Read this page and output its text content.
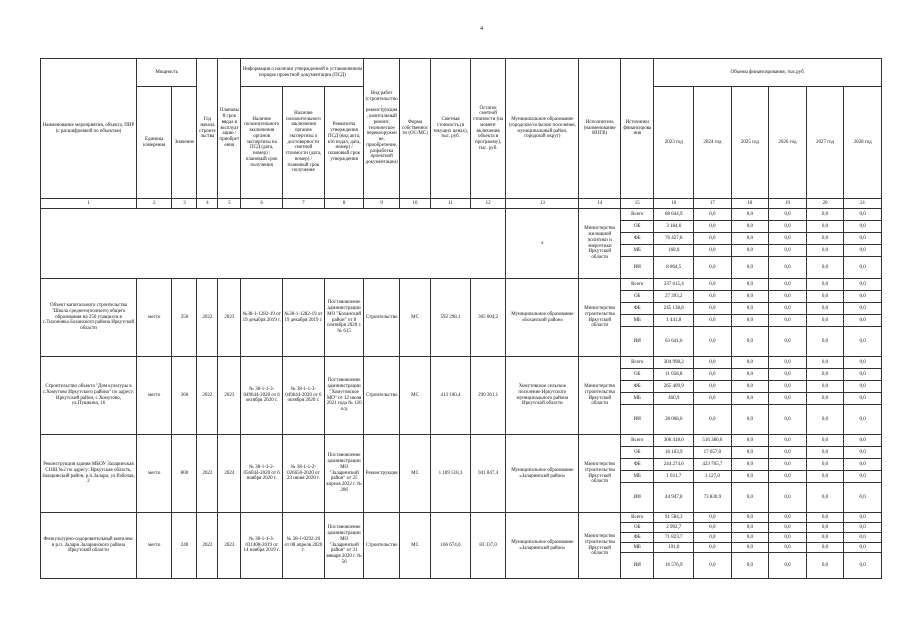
4
Наименование мероприятия, объекта, ПИР (с расшифровкой по объектам)	Мощность		Год начала строительства	Плановый срок ввода в эксплуатацию / приобретения	Информация о наличии утвержденной в установленном порядке проектной документации (ПСД)			Вид работ (строительство, реконструкция, капитальный ремонт, техническое перевооружение, приобретение, разработка проектной документации)	Форма собственности (ОС/МС)	Сметная стоимость (в текущих ценах), тыс. руб.	Остаток сметной стоимости (на момент включения объекта в программу), тыс. руб.	Муниципальное образование (городское/сельское поселение, муниципальный район, городской округ)	Исполнитель (наименование ИОГВ)	Источники финансирования	Объемы финансирования, тыс.руб.					
	Единица измерения	Значение			Наличие положительного заключения органов экспертизы на ПСД (дата, номер) / плановый срок получения	Наличие положительного заключения органов экспертизы о достоверности сметной стоимости (дата, номер) / плановый срок получения	Реквизиты утверждения ПСД (вид акта, кто издал, дата, номер) / плановый срок утверждения								2023 год	2024 год	2025 год	2026 год	2027 год	2028 год

1	2	3	4	5	6	7	8	9	10	11	12	13	14	15	16	17	18	19	20	21
												х	Министерство жилищной политики и энергетики Иркутской области	Всего	88 644,9	0,0	0,0	0,0	0,0	0,0
														ОБ	3 184,6	0,0	0,0	0,0	0,0	0,0
														ФБ	76 427,8	0,0	0,0	0,0	0,0	0,0
														МБ	168,0	0,0	0,0	0,0	0,0	0,0
														ИИ	8 864,5	0,0	0,0	0,0	0,0	0,0
Объект капитального строительства "Школа среднего(полного) общего образования на 250 учащихся в с.Тихоновка Боханского района Иркутской области	место	250	2022	2023	№38-1-1282-19 от 19 декабря 2019 г.	№38-1-1282-19 от 19 декабря 2019 г.	Постановление администрации МО "Боханский район" от 8 сентября 2020 г. № 615	Строительство	МС	592 298,1	305 004,2	Муниципальное образование «Боханский район»	Министерство строительства Иркутской области	Всего	337 615,4	0,0	0,0	0,0	0,0	0,0
														ОБ	27 393,2	0,0	0,0	0,0	0,0	0,0
														ФБ	245 138,8	0,0	0,0	0,0	0,0	0,0
														МБ	1 441,8	0,0	0,0	0,0	0,0	0,0
														ИИ	63 641,6	0,0	0,0	0,0	0,0	0,0
Строительство объекта "Дом культуры в с.Хомутово Иркутского района" по адресу: Иркутский район, с.Хомутово, ул.Пушкина, 16	место	360	2022	2023	№ 38-1-1-3-049644-2020 от 6 октября 2020 г.	№ 38-1-1-3-049644-2020 от 6 октября 2020 г.	Постановление администрации "Хомутовское МО" от 12 июля 2021 года № 120 о/д	Строительство	МС	413 100,4	290 361,1	Хомутовское сельское поселение Иркутского муниципального района Иркутской области	Министерство строительства Иркутской области	Всего	304 998,2	0,0	0,0	0,0	0,0	0,0
														ОБ	11 058,8	0,0	0,0	0,0	0,0	0,0
														ФБ	265 409,9	0,0	0,0	0,0	0,0	0,0
														МБ	460,9	0,0	0,0	0,0	0,0	0,0
														ИИ	28 068,6	0,0	0,0	0,0	0,0	0,0
Реконструкция здания МБОУ Заларинская СОШ №2 по адресу: Иркутская область, Заларинский район, р.п.Залари, ул.Рабочая, 2	место	800	2022	2024	№ 38-1-1-2-056044-2020 от 6 ноября 2020 г.	№ 38-1-1-2-026650-2020 от 23 июня 2020 г.	Постановление администрации МО "Заларинский район" от 25 апреля 2022 г. № 206	Реконструкция	МС	1 189 518,3	941 847,4	Муниципальное образование «Заларинский район»	Министерство строительства Иркутской области	Всего	306 418,0	516 380,6	0,0	0,0	0,0	0,0
														ОБ	16 163,9	17 657,0	0,0	0,0	0,0	0,0
														ФБ	244 274,6	423 765,7	0,0	0,0	0,0	0,0
														МБ	1 031,7	1 127,0	0,0	0,0	0,0	0,0
														ИИ	44 947,8	73 830,9	0,0	0,0	0,0	0,0
Физкультурно-оздоровительный комплекс в р.п. Залари Заларинского района Иркутской области	место	240	2022	2023	№ 38-1-1-3-031408-2019 от 14 ноября 2019 г.	№ 38-1-0292-20 от 08 апреля 2020 г.	Постановление администрации МО "Заларинский район" от 31 января 2020 г. № 56	Строительство	МС	166 674,0	83 337,0	Муниципальное образование «Заларинский район»	Министерство строительства Иркутской области	Всего	91 584,3	0,0	0,0	0,0	0,0	0,0
														ОБ	2 992,7	0,0	0,0	0,0	0,0	0,0
														ФБ	71 823,7	0,0	0,0	0,0	0,0	0,0
														МБ	191,0	0,0	0,0	0,0	0,0	0,0
														ИИ	16 576,9	0,0	0,0	0,0	0,0	0,0
